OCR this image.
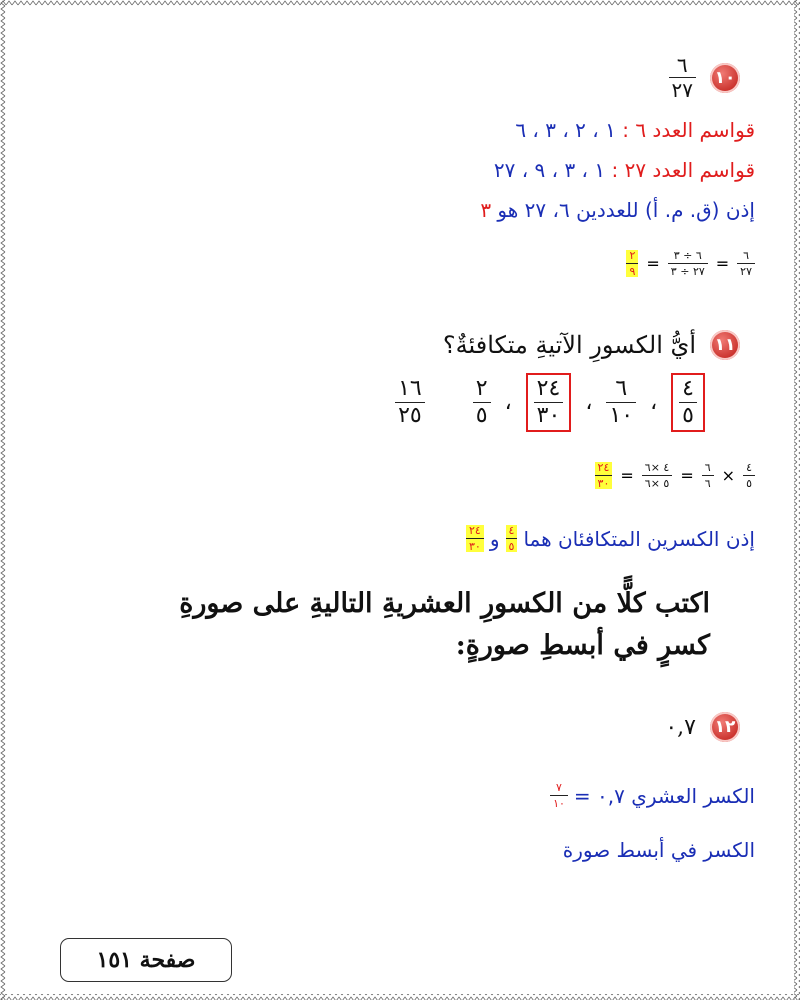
١٠
$\frac{٦}{٢٧}$
قواسم العدد ٦ : ١ ، ٢ ، ٣ ، ٦
قواسم العدد ٢٧ : ١ ، ٣ ، ٩ ، ٢٧
إذن (ق. م. أ) للعددين ٦، ٢٧ هو ٣
$\frac{٦}{٢٧}$
=
$\frac{٦ \div ٣}{٢٧ \div ٣}$
=
$\frac{٢}{٩}$
١١
أيُّ الكسورِ الآتيةِ متكافئةٌ؟
$\frac{٤}{٥}$
،
$\frac{٦}{١٠}$
،
$\frac{٢٤}{٣٠}$
،
$\frac{٢}{٥}$
$\frac{١٦}{٢٥}$
$\frac{٤}{٥}$
×
$\frac{٦}{٦}$
=
$\frac{٤ \times ٦}{٥ \times ٦}$
=
$\frac{٢٤}{٣٠}$
إذن الكسرين المتكافئان هما
$\frac{٤}{٥}$
و
$\frac{٢٤}{٣٠}$
اكتب كلًّا من الكسورِ العشريةِ التاليةِ على صورةِ
كسرٍ في أبسطِ صورةٍ:
١٢
٠,٧
الكسر العشري ٠,٧ =
$\frac{٧}{١٠}$
الكسر في أبسط صورة
صفحة ١٥١
